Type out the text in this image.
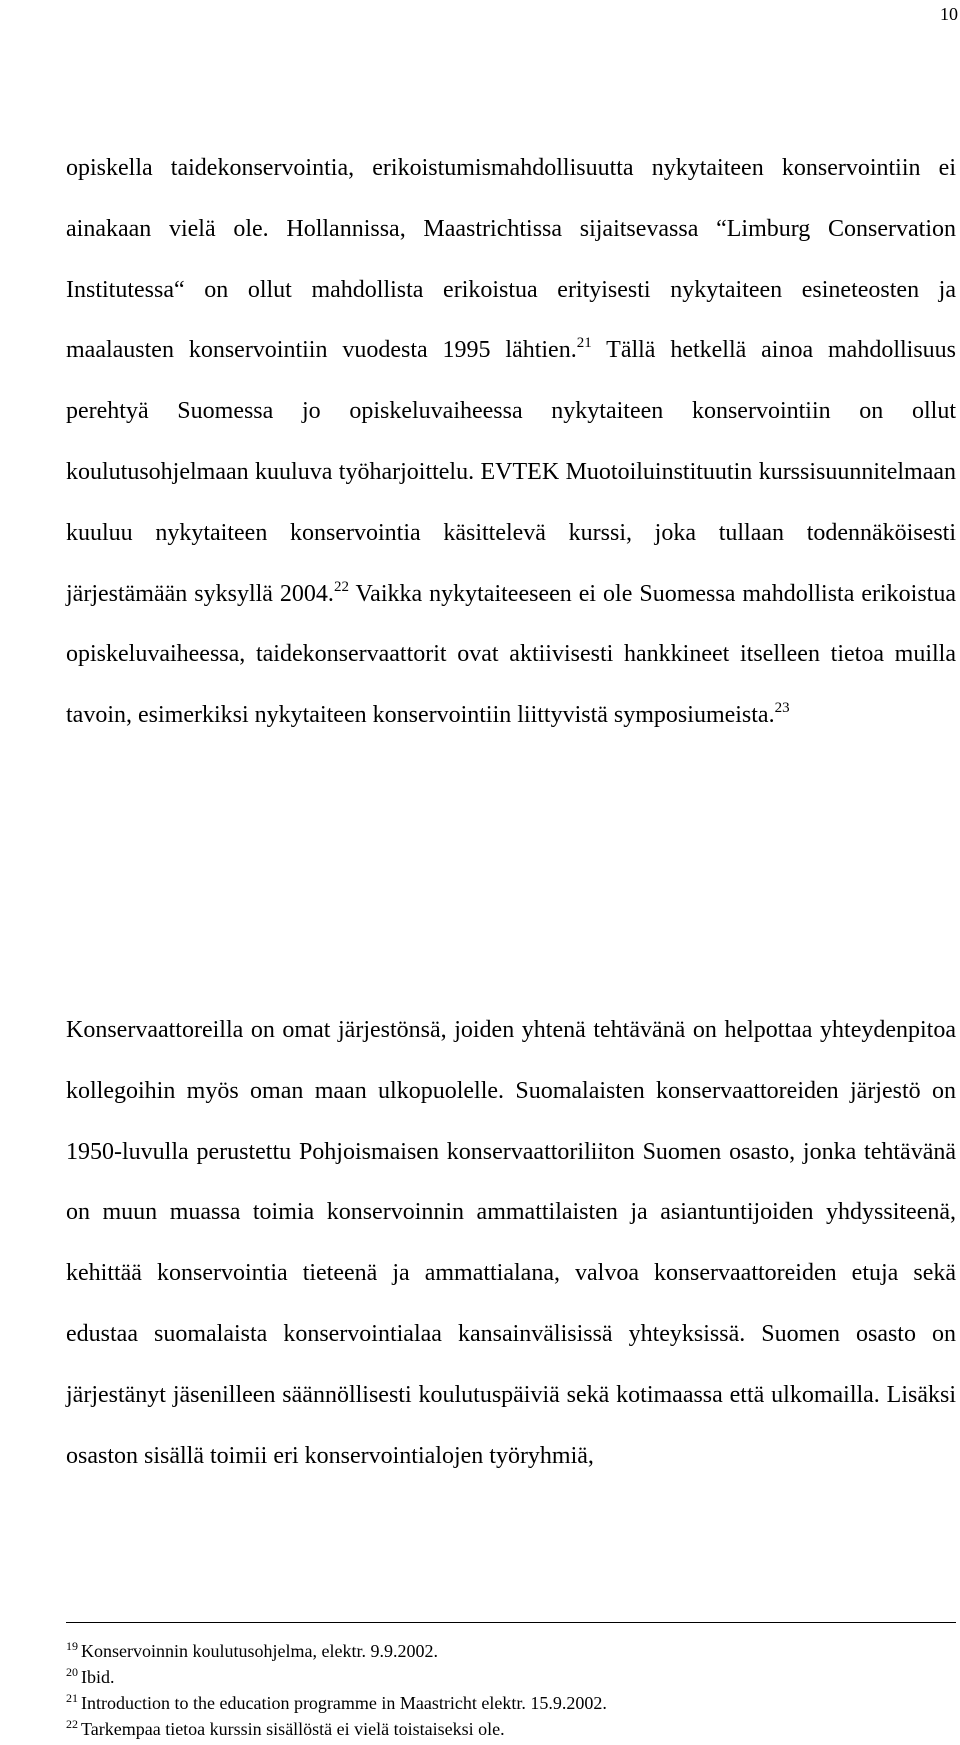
10

opiskella taidekonservointia, erikoistumismahdollisuutta nykytaiteen konservointiin ei ainakaan vielä ole. Hollannissa, Maastrichtissa sijaitsevassa “Limburg Conservation Institutessa“ on ollut mahdollista erikoistua erityisesti nykytaiteen esineteosten ja maalausten konservointiin vuodesta 1995 lähtien.$^{21}$ Tällä hetkellä ainoa mahdollisuus perehtyä Suomessa jo opiskeluvaiheessa nykytaiteen konservointiin on ollut koulutusohjelmaan kuuluva työharjoittelu. EVTEK Muotoiluinstituutin kurssisuunnitelmaan kuuluu nykytaiteen konservointia käsittelevä kurssi, joka tullaan todennäköisesti järjestämään syksyllä 2004.22 Vaikka nykytaiteeseen ei ole Suomessa mahdollista erikoistua opiskeluvaiheessa, taidekonservaattorit ovat aktiivisesti hankkineet itselleen tietoa muilla tavoin, esimerkiksi nykytaiteen konservointiin liittyvistä symposiumeista.$^{23}$

Konservaattoreilla on omat järjestönsä, joiden yhtenä tehtävänä on helpottaa yhteydenpitoa kollegoihin myös oman maan ulkopuolelle. Suomalaisten konservaattoreiden järjestö on 1950-luvulla perustettu Pohjoismaisen konservaattoriliiton Suomen osasto, jonka tehtävänä on muun muassa toimia konservoinnin ammattilaisten ja asiantuntijoiden yhdyssiteenä, kehittää konservointia tieteenä ja ammattialana, valvoa konservaattoreiden etuja sekä edustaa suomalaista konservointialaa kansainvälisissä yhteyksissä. Suomen osasto on järjestänyt jäsenilleen säännöllisesti koulutuspäiviä sekä kotimaassa että ulkomailla. Lisäksi osaston sisällä toimii eri konservointialojen työryhmiä,

$^{19}$ Konservoinnin koulutusohjelma, elektr. 9.9.2002.
$^{20}$ Ibid.
$^{21}$ Introduction to the education programme in Maastricht elektr. 15.9.2002.
$^{22}$ Tarkempaa tietoa kurssin sisällöstä ei vielä toistaiseksi ole.
